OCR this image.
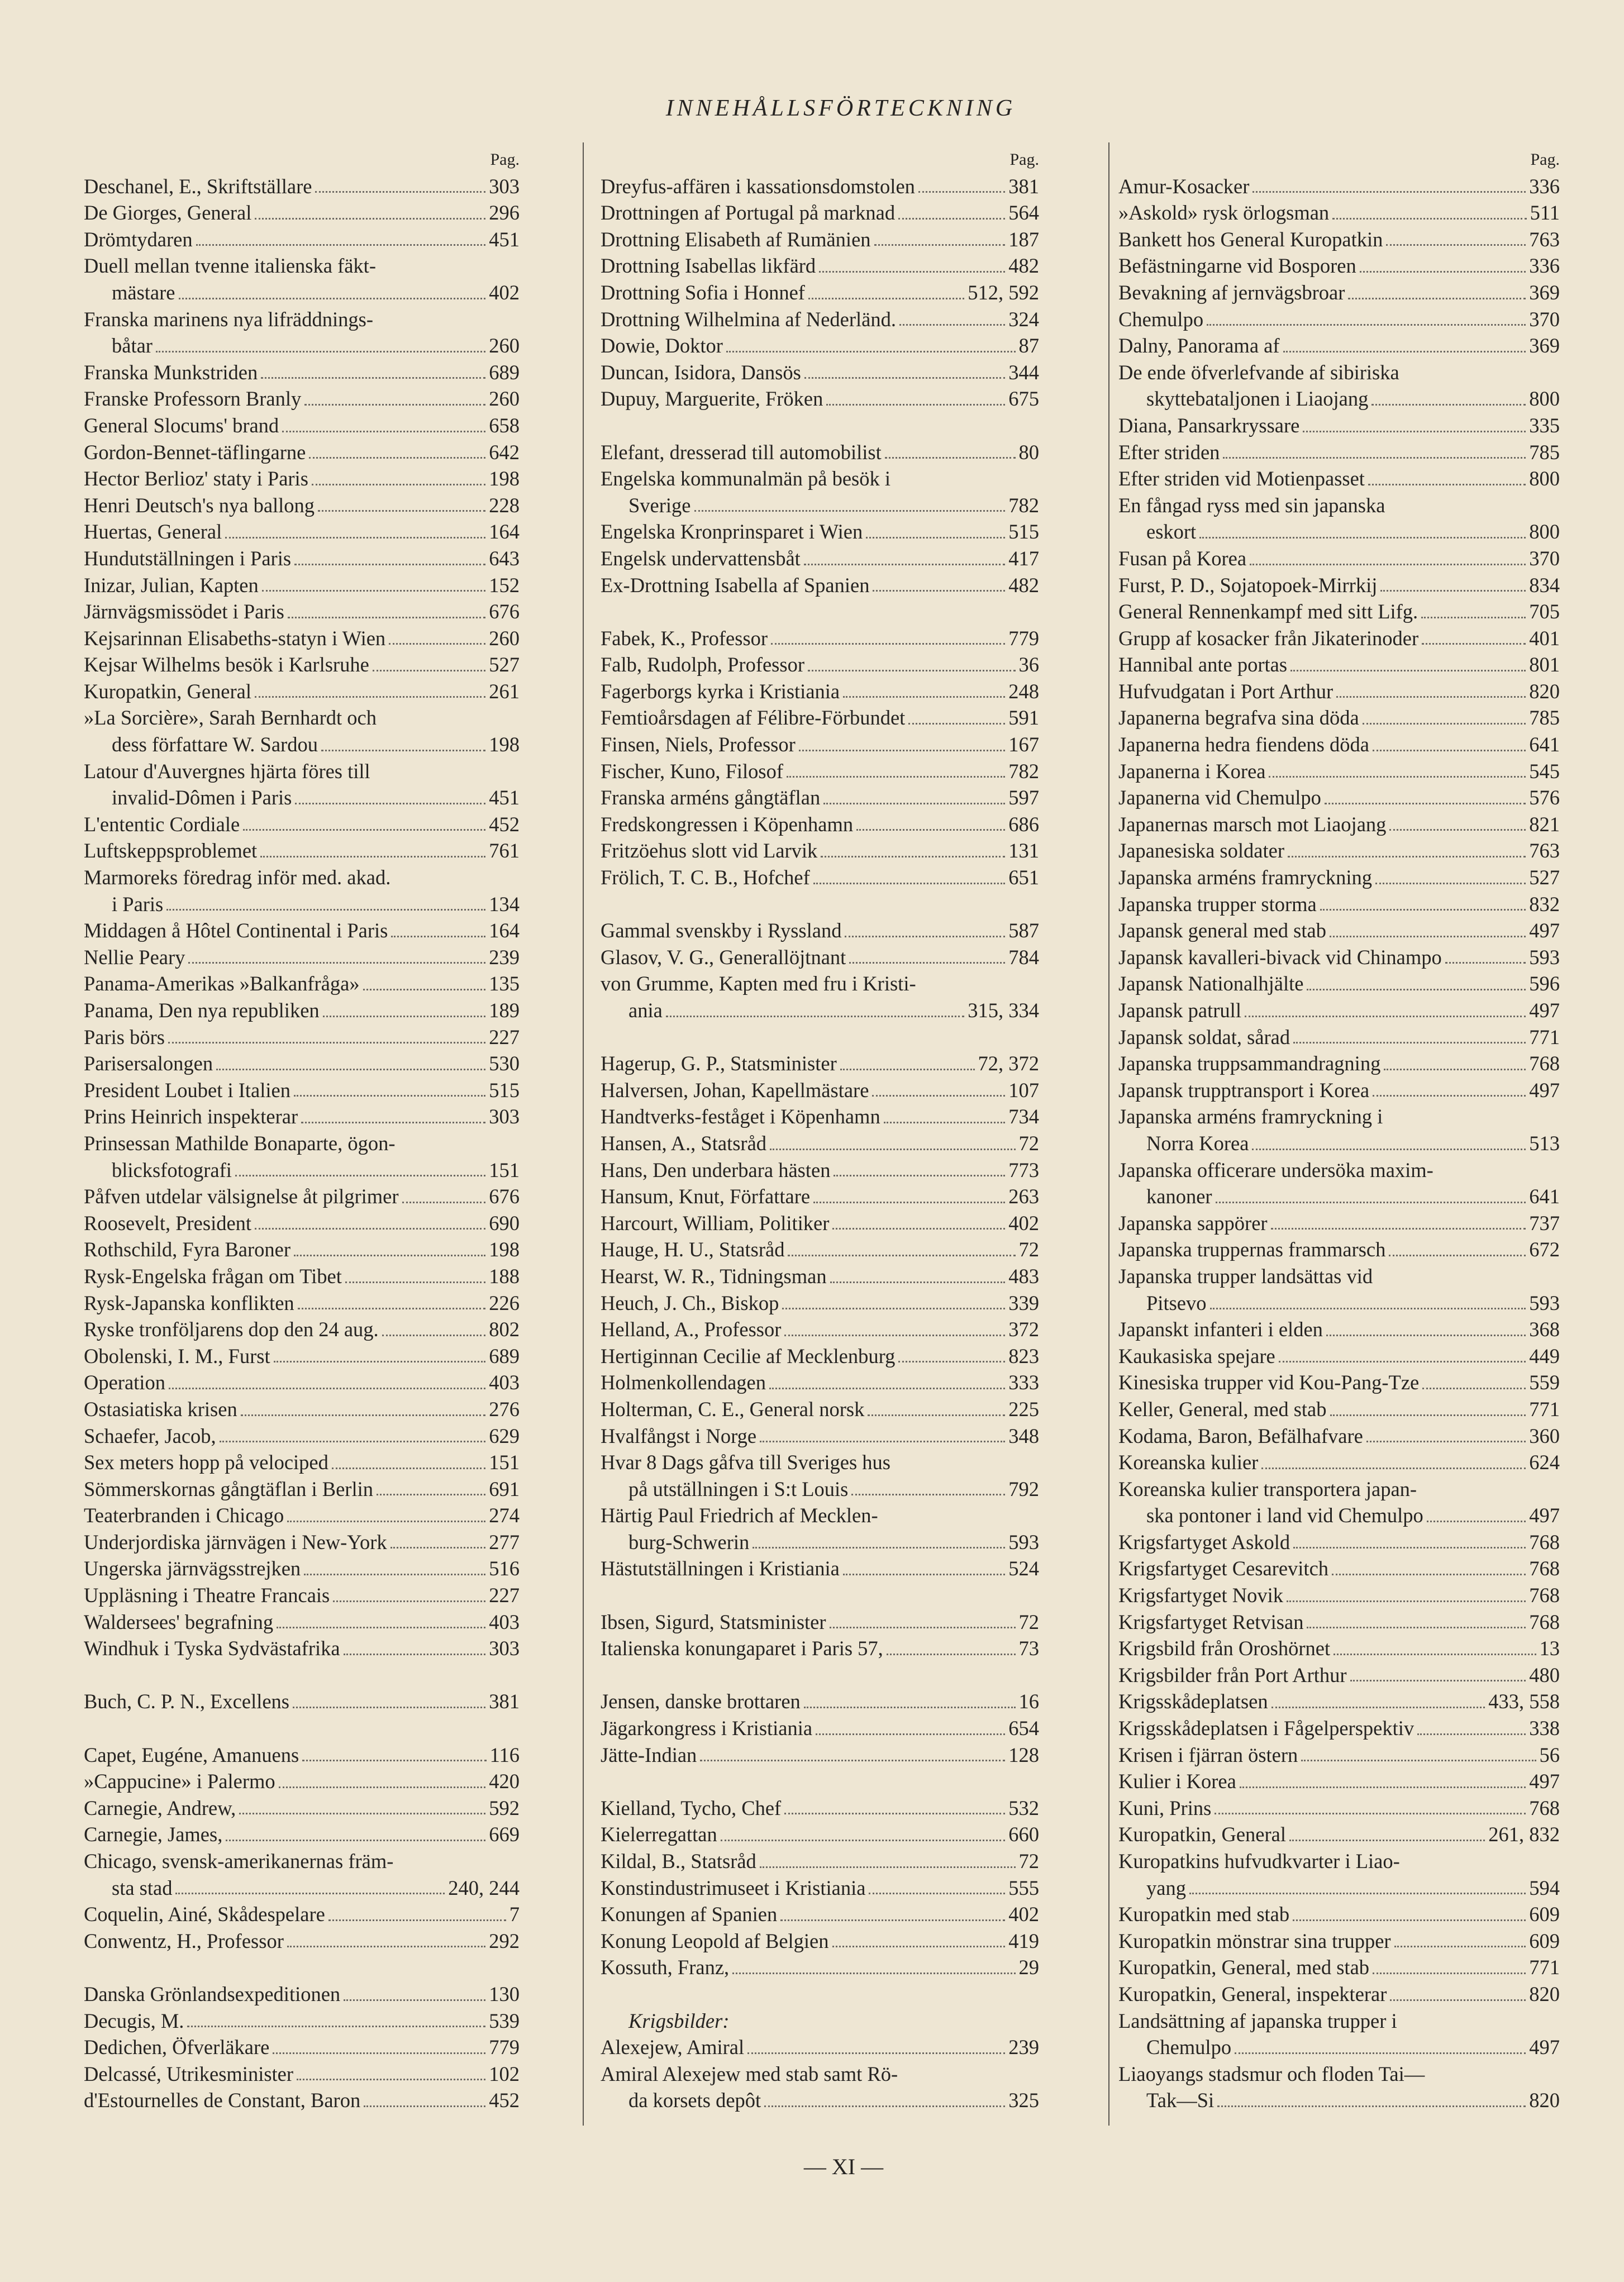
INNEHÅLLSFÖRTECKNING
Pag.
Deschanel, E., Skriftställare	303
De Giorges, General	296
Drömtydaren	451
Duell mellan tvenne italienska fäkt-
mästare	402
Franska marinens nya lifräddnings-
båtar	260
Franska Munkstriden	689
Franske Professorn Branly	260
General Slocums' brand	658
Gordon-Bennet-täflingarne	642
Hector Berlioz' staty i Paris	198
Henri Deutsch's nya ballong	228
Huertas, General	164
Hundutställningen i Paris	643
Inizar, Julian, Kapten	152
Järnvägsmissödet i Paris	676
Kejsarinnan Elisabeths-statyn i Wien	260
Kejsar Wilhelms besök i Karlsruhe	527
Kuropatkin, General	261
»La Sorcière», Sarah Bernhardt och
dess författare W. Sardou	198
Latour d'Auvergnes hjärta föres till
invalid-Dômen i Paris	451
L'ententic Cordiale	452
Luftskeppsproblemet	761
Marmoreks föredrag inför med. akad.
i Paris	134
Middagen å Hôtel Continental i Paris	164
Nellie Peary	239
Panama-Amerikas »Balkanfråga»	135
Panama, Den nya republiken	189
Paris börs	227
Parisersalongen	530
President Loubet i Italien	515
Prins Heinrich inspekterar	303
Prinsessan Mathilde Bonaparte, ögon-
blicksfotografi	151
Påfven utdelar välsignelse åt pilgrimer	676
Roosevelt, President	690
Rothschild, Fyra Baroner	198
Rysk-Engelska frågan om Tibet	188
Rysk-Japanska konflikten	226
Ryske tronföljarens dop den 24 aug.	802
Obolenski, I. M., Furst	689
Operation	403
Ostasiatiska krisen	276
Schaefer, Jacob,	629
Sex meters hopp på velociped	151
Sömmerskornas gångtäflan i Berlin	691
Teaterbranden i Chicago	274
Underjordiska järnvägen i New-York	277
Ungerska järnvägsstrejken	516
Uppläsning i Theatre Francais	227
Waldersees' begrafning	403
Windhuk i Tyska Sydvästafrika	303
Buch, C. P. N., Excellens	381
Capet, Eugéne, Amanuens	116
»Cappucine» i Palermo	420
Carnegie, Andrew,	592
Carnegie, James,	669
Chicago, svensk-amerikanernas främ-
sta stad	240, 244
Coquelin, Ainé, Skådespelare	7
Conwentz, H., Professor	292
Danska Grönlandsexpeditionen	130
Decugis, M.	539
Dedichen, Öfverläkare	779
Delcassé, Utrikesminister	102
d'Estournelles de Constant, Baron	452
Pag.
Dreyfus-affären i kassationsdomstolen	381
Drottningen af Portugal på marknad	564
Drottning Elisabeth af Rumänien	187
Drottning Isabellas likfärd	482
Drottning Sofia i Honnef	512, 592
Drottning Wilhelmina af Nederländ.	324
Dowie, Doktor	87
Duncan, Isidora, Dansös	344
Dupuy, Marguerite, Fröken	675
Elefant, dresserad till automobilist	80
Engelska kommunalmän på besök i
Sverige	782
Engelska Kronprinsparet i Wien	515
Engelsk undervattensbåt	417
Ex-Drottning Isabella af Spanien	482
Fabek, K., Professor	779
Falb, Rudolph, Professor	36
Fagerborgs kyrka i Kristiania	248
Femtioårsdagen af Félibre-Förbundet	591
Finsen, Niels, Professor	167
Fischer, Kuno, Filosof	782
Franska arméns gångtäflan	597
Fredskongressen i Köpenhamn	686
Fritzöehus slott vid Larvik	131
Frölich, T. C. B., Hofchef	651
Gammal svenskby i Ryssland	587
Glasov, V. G., Generallöjtnant	784
von Grumme, Kapten med fru i Kristi-
ania	315, 334
Hagerup, G. P., Statsminister	72, 372
Halversen, Johan, Kapellmästare	107
Handtverks-feståget i Köpenhamn	734
Hansen, A., Statsråd	72
Hans, Den underbara hästen	773
Hansum, Knut, Författare	263
Harcourt, William, Politiker	402
Hauge, H. U., Statsråd	72
Hearst, W. R., Tidningsman	483
Heuch, J. Ch., Biskop	339
Helland, A., Professor	372
Hertiginnan Cecilie af Mecklenburg	823
Holmenkollendagen	333
Holterman, C. E., General norsk	225
Hvalfångst i Norge	348
Hvar 8 Dags gåfva till Sveriges hus
på utställningen i S:t Louis	792
Härtig Paul Friedrich af Mecklen-
burg-Schwerin	593
Hästutställningen i Kristiania	524
Ibsen, Sigurd, Statsminister	72
Italienska konungaparet i Paris 57,	73
Jensen, danske brottaren	16
Jägarkongress i Kristiania	654
Jätte-Indian	128
Kielland, Tycho, Chef	532
Kielerregattan	660
Kildal, B., Statsråd	72
Konstindustrimuseet i Kristiania	555
Konungen af Spanien	402
Konung Leopold af Belgien	419
Kossuth, Franz,	29
Krigsbilder:
Alexejew, Amiral	239
Amiral Alexejew med stab samt Rö-
da korsets depôt	325
Pag.
Amur-Kosacker	336
»Askold» rysk örlogsman	511
Bankett hos General Kuropatkin	763
Befästningarne vid Bosporen	336
Bevakning af jernvägsbroar	369
Chemulpo	370
Dalny, Panorama af	369
De ende öfverlefvande af sibiriska
skyttebataljonen i Liaojang	800
Diana, Pansarkryssare	335
Efter striden	785
Efter striden vid Motienpasset	800
En fångad ryss med sin japanska
eskort	800
Fusan på Korea	370
Furst, P. D., Sojatopoek-Mirrkij	834
General Rennenkampf med sitt Lifg.	705
Grupp af kosacker från Jikaterinoder	401
Hannibal ante portas	801
Hufvudgatan i Port Arthur	820
Japanerna begrafva sina döda	785
Japanerna hedra fiendens döda	641
Japanerna i Korea	545
Japanerna vid Chemulpo	576
Japanernas marsch mot Liaojang	821
Japanesiska soldater	763
Japanska arméns framryckning	527
Japanska trupper storma	832
Japansk general med stab	497
Japansk kavalleri-bivack vid Chinampo	593
Japansk Nationalhjälte	596
Japansk patrull	497
Japansk soldat, sårad	771
Japanska truppsammandragning	768
Japansk trupptransport i Korea	497
Japanska arméns framryckning i
Norra Korea	513
Japanska officerare undersöka maxim-
kanoner	641
Japanska sappörer	737
Japanska truppernas frammarsch	672
Japanska trupper landsättas vid
Pitsevo	593
Japanskt infanteri i elden	368
Kaukasiska spejare	449
Kinesiska trupper vid Kou-Pang-Tze	559
Keller, General, med stab	771
Kodama, Baron, Befälhafvare	360
Koreanska kulier	624
Koreanska kulier transportera japan-
ska pontoner i land vid Chemulpo	497
Krigsfartyget Askold	768
Krigsfartyget Cesarevitch	768
Krigsfartyget Novik	768
Krigsfartyget Retvisan	768
Krigsbild från Oroshörnet	13
Krigsbilder från Port Arthur	480
Krigsskådeplatsen	433, 558
Krigsskådeplatsen i Fågelperspektiv	338
Krisen i fjärran östern	56
Kulier i Korea	497
Kuni, Prins	768
Kuropatkin, General	261, 832
Kuropatkins hufvudkvarter i Liao-
yang	594
Kuropatkin med stab	609
Kuropatkin mönstrar sina trupper	609
Kuropatkin, General, med stab	771
Kuropatkin, General, inspekterar	820
Landsättning af japanska trupper i
Chemulpo	497
Liaoyangs stadsmur och floden Tai—
Tak—Si	820
— XI —
